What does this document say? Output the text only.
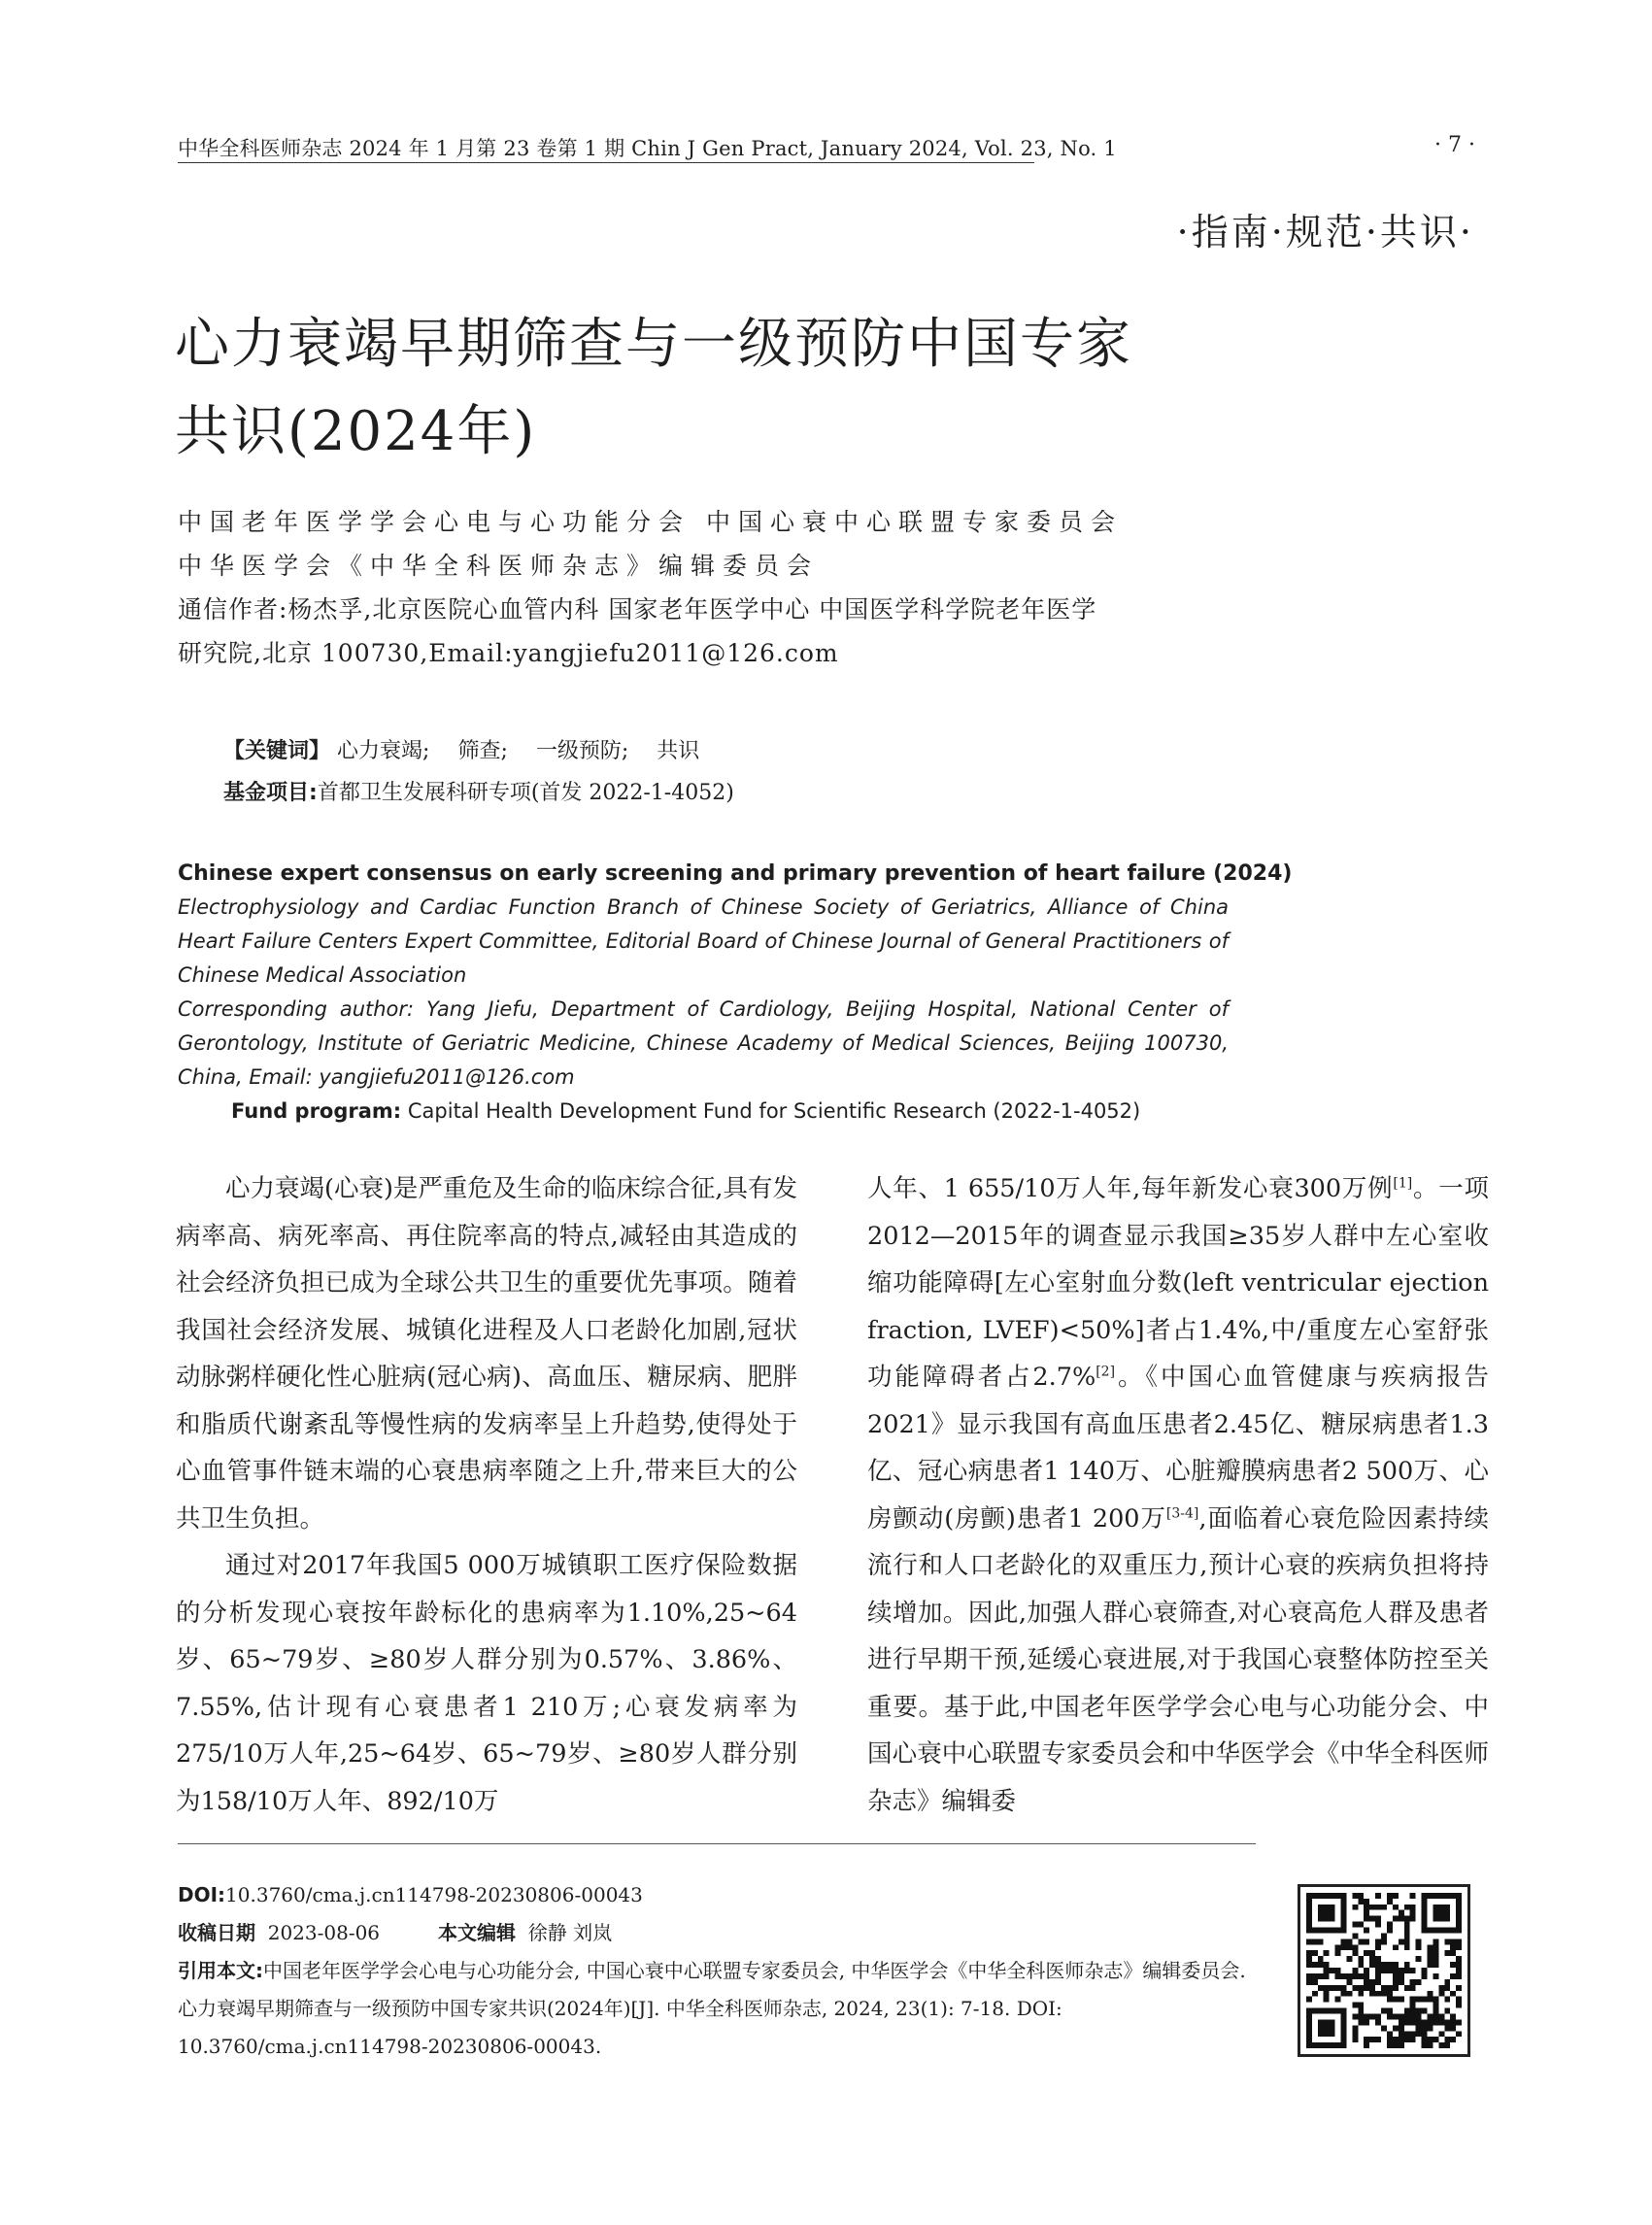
中华全科医师杂志 2024 年 1 月第 23 卷第 1 期 Chin J Gen Pract, January 2024, Vol. 23, No. 1	· 7 ·
·指南·规范·共识·
心力衰竭早期筛查与一级预防中国专家
共识(2024年)
中国老年医学学会心电与心功能分会 中国心衰中心联盟专家委员会
中华医学会《中华全科医师杂志》编辑委员会
通信作者:杨杰孚,北京医院心血管内科 国家老年医学中心 中国医学科学院老年医学
研究院,北京 100730,Email:yangjiefu2011@126.com
【关键词】 心力衰竭; 筛查; 一级预防; 共识
基金项目:首都卫生发展科研专项(首发 2022-1-4052)
Chinese expert consensus on early screening and primary prevention of heart failure (2024)
Electrophysiology and Cardiac Function Branch of Chinese Society of Geriatrics, Alliance of China Heart Failure Centers Expert Committee, Editorial Board of Chinese Journal of General Practitioners of Chinese Medical Association
Corresponding author: Yang Jiefu, Department of Cardiology, Beijing Hospital, National Center of Gerontology, Institute of Geriatric Medicine, Chinese Academy of Medical Sciences, Beijing 100730, China, Email: yangjiefu2011@126.com
Fund program: Capital Health Development Fund for Scientific Research (2022-1-4052)

心力衰竭(心衰)是严重危及生命的临床综合征,具有发病率高、病死率高、再住院率高的特点,减轻由其造成的社会经济负担已成为全球公共卫生的重要优先事项。随着我国社会经济发展、城镇化进程及人口老龄化加剧,冠状动脉粥样硬化性心脏病(冠心病)、高血压、糖尿病、肥胖和脂质代谢紊乱等慢性病的发病率呈上升趋势,使得处于心血管事件链末端的心衰患病率随之上升,带来巨大的公共卫生负担。

通过对2017年我国5 000万城镇职工医疗保险数据的分析发现心衰按年龄标化的患病率为1.10%,25~64岁、65~79岁、≥80岁人群分别为0.57%、3.86%、7.55%,估计现有心衰患者1 210万;心衰发病率为275/10万人年,25~64岁、65~79岁、≥80岁人群分别为158/10万人年、892/10万

人年、1 655/10万人年,每年新发心衰300万例[1]。一项2012—2015年的调查显示我国≥35岁人群中左心室收缩功能障碍[左心室射血分数(left ventricular ejection fraction, LVEF)<50%]者占1.4%,中/重度左心室舒张功能障碍者占2.7%[2]。《中国心血管健康与疾病报告2021》显示我国有高血压患者2.45亿、糖尿病患者1.3亿、冠心病患者1 140万、心脏瓣膜病患者2 500万、心房颤动(房颤)患者1 200万[3-4],面临着心衰危险因素持续流行和人口老龄化的双重压力,预计心衰的疾病负担将持续增加。因此,加强人群心衰筛查,对心衰高危人群及患者进行早期干预,延缓心衰进展,对于我国心衰整体防控至关重要。基于此,中国老年医学学会心电与心功能分会、中国心衰中心联盟专家委员会和中华医学会《中华全科医师杂志》编辑委

DOI:10.3760/cma.j.cn114798-20230806-00043
收稿日期 2023-08-06	本文编辑 徐静 刘岚
引用本文:中国老年医学学会心电与心功能分会, 中国心衰中心联盟专家委员会, 中华医学会《中华全科医师杂志》编辑委员会. 心力衰竭早期筛查与一级预防中国专家共识(2024年)[J]. 中华全科医师杂志, 2024, 23(1): 7-18. DOI: 10.3760/cma.j.cn114798-20230806-00043.
